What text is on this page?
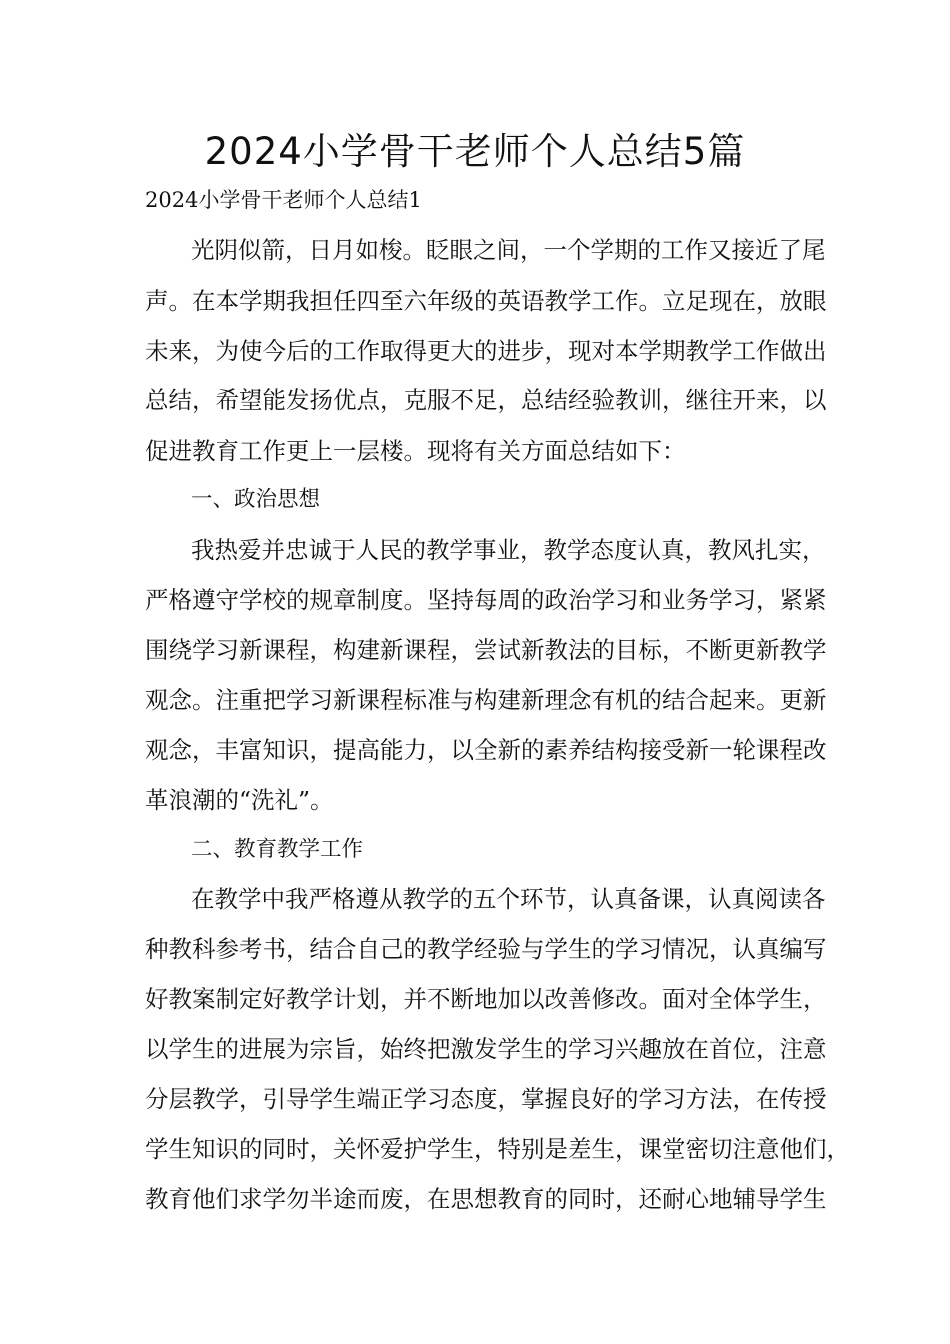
2024小学骨干老师个人总结5篇
2024小学骨干老师个人总结1
光阴似箭，日月如梭。眨眼之间，一个学期的工作又接近了尾
声。在本学期我担任四至六年级的英语教学工作。立足现在，放眼
未来，为使今后的工作取得更大的进步，现对本学期教学工作做出
总结，希望能发扬优点，克服不足，总结经验教训，继往开来，以
促进教育工作更上一层楼。现将有关方面总结如下：
一、政治思想
我热爱并忠诚于人民的教学事业，教学态度认真，教风扎实，
严格遵守学校的规章制度。坚持每周的政治学习和业务学习，紧紧
围绕学习新课程，构建新课程，尝试新教法的目标，不断更新教学
观念。注重把学习新课程标准与构建新理念有机的结合起来。更新
观念，丰富知识，提高能力，以全新的素养结构接受新一轮课程改
革浪潮的“洗礼”。
二、教育教学工作
在教学中我严格遵从教学的五个环节，认真备课，认真阅读各
种教科参考书，结合自己的教学经验与学生的学习情况，认真编写
好教案制定好教学计划，并不断地加以改善修改。面对全体学生，
以学生的进展为宗旨，始终把激发学生的学习兴趣放在首位，注意
分层教学，引导学生端正学习态度，掌握良好的学习方法，在传授
学生知识的同时，关怀爱护学生，特别是差生，课堂密切注意他们，
教育他们求学勿半途而废，在思想教育的同时，还耐心地辅导学生
